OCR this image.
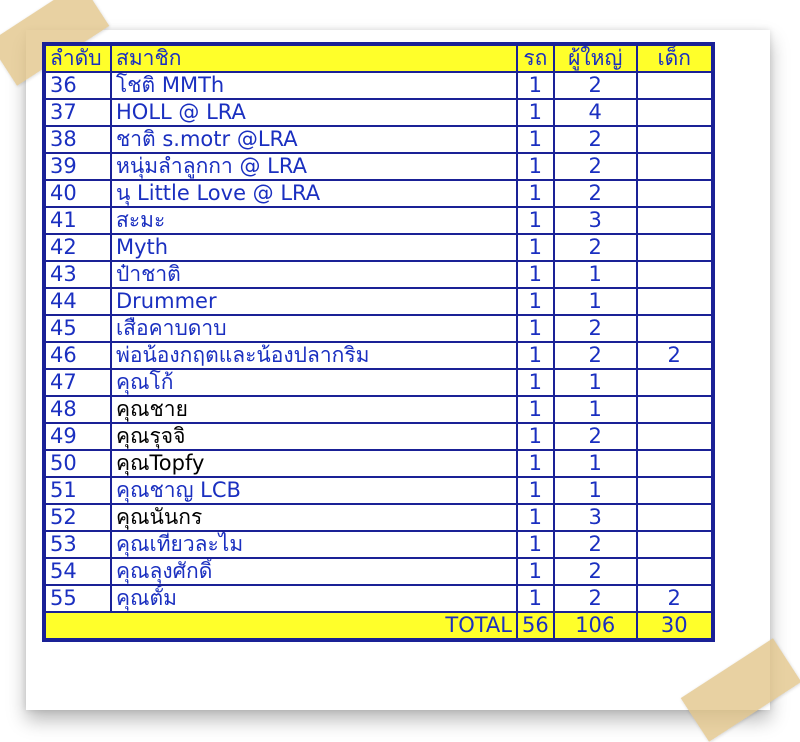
ลำดับ	สมาชิก	รถ	ผู้ใหญ่	เด็ก
36	โชติ MMTh	1	2	
37	HOLL @ LRA	1	4	
38	ชาติ s.motr @LRA	1	2	
39	หนุ่มลำลูกกา @ LRA	1	2	
40	นุ Little Love @ LRA	1	2	
41	สะมะ	1	3	
42	Myth	1	2	
43	ป๋าชาติ	1	1	
44	Drummer	1	1	
45	เสือคาบดาบ	1	2	
46	พ่อน้องกฤตและน้องปลากริม	1	2	2
47	คุณโก้	1	1	
48	คุณชาย	1	1	
49	คุณรุจจิ	1	2	
50	คุณTopfy	1	1	
51	คุณชาญ LCB	1	1	
52	คุณนันกร	1	3	
53	คุณเที่ยวละไม	1	2	
54	คุณลุงศักดิ์	1	2	
55	คุณตั้ม	1	2	2
TOTAL		56	106	30
